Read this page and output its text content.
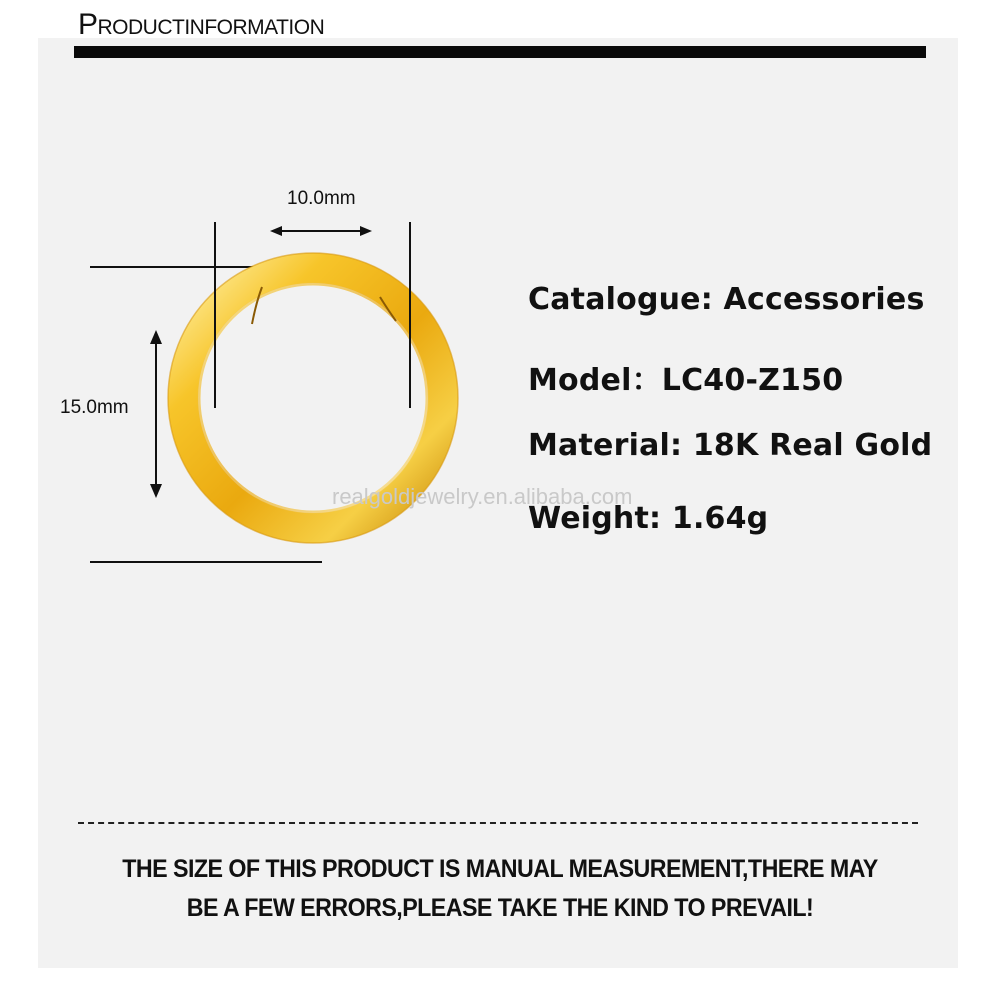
PRODUCTINFORMATION
10.0mm
15.0mm
Catalogue: Accessories
Model：LC40-Z150
Material: 18K Real Gold
Weight: 1.64g
realgoldjewelry.en.alibaba.com
THE SIZE OF THIS PRODUCT IS MANUAL MEASUREMENT,THERE MAY
BE A FEW ERRORS,PLEASE TAKE THE KIND TO PREVAIL!
